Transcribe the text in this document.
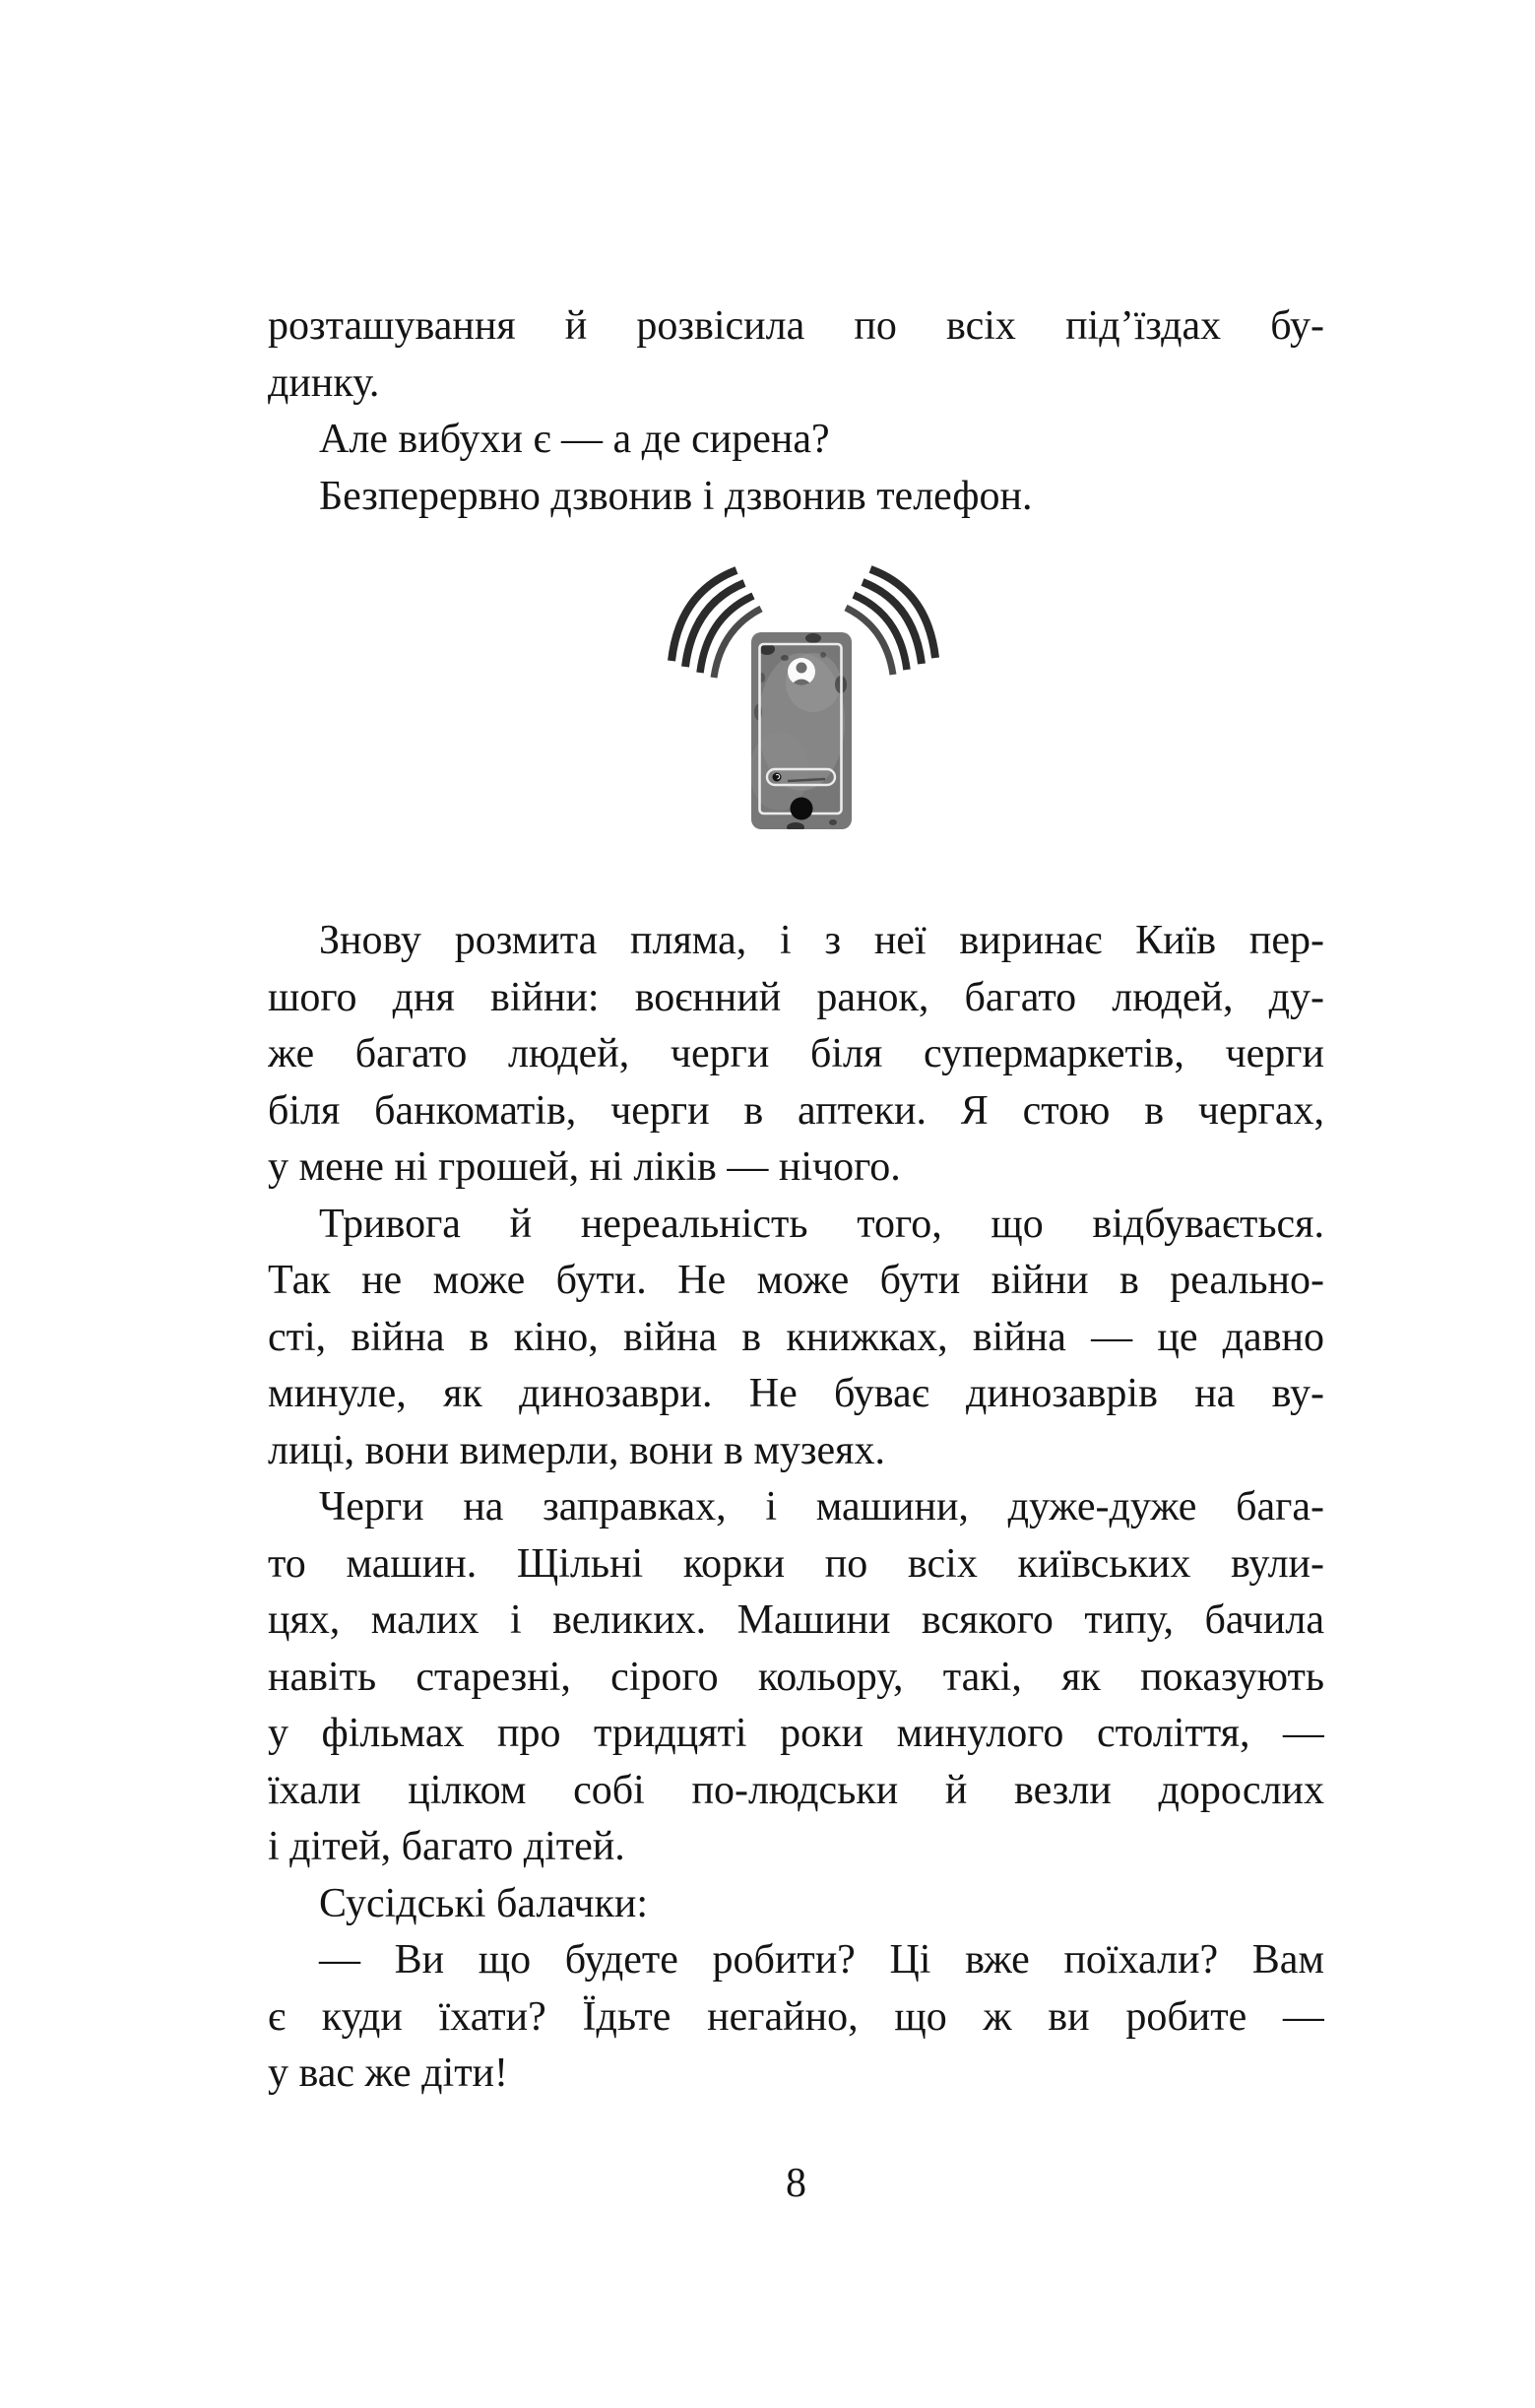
розташування й розвісила по всіх під’їздах бу-
динку.
Але вибухи є — а де сирена?
Безперервно дзвонив і дзвонив телефон.
Знову розмита пляма, і з неї виринає Київ пер-
шого дня війни: воєнний ранок, багато людей, ду-
же багато людей, черги біля супермаркетів, черги
біля банкоматів, черги в аптеки. Я стою в чергах,
у мене ні грошей, ні ліків — нічого.
Тривога й нереальність того, що відбувається.
Так не може бути. Не може бути війни в реально-
сті, війна в кіно, війна в книжках, війна — це давно
минуле, як динозаври. Не буває динозаврів на ву-
лиці, вони вимерли, вони в музеях.
Черги на заправках, і машини, дуже-дуже бага-
то машин. Щільні корки по всіх київських вули-
цях, малих і великих. Машини всякого типу, бачила
навіть старезні, сірого кольору, такі, як показують
у фільмах про тридцяті роки минулого століття, —
їхали цілком собі по-людськи й везли дорослих
і дітей, багато дітей.
Сусідські балачки:
— Ви що будете робити? Ці вже поїхали? Вам
є куди їхати? Їдьте негайно, що ж ви робите —
у вас же діти!
8
